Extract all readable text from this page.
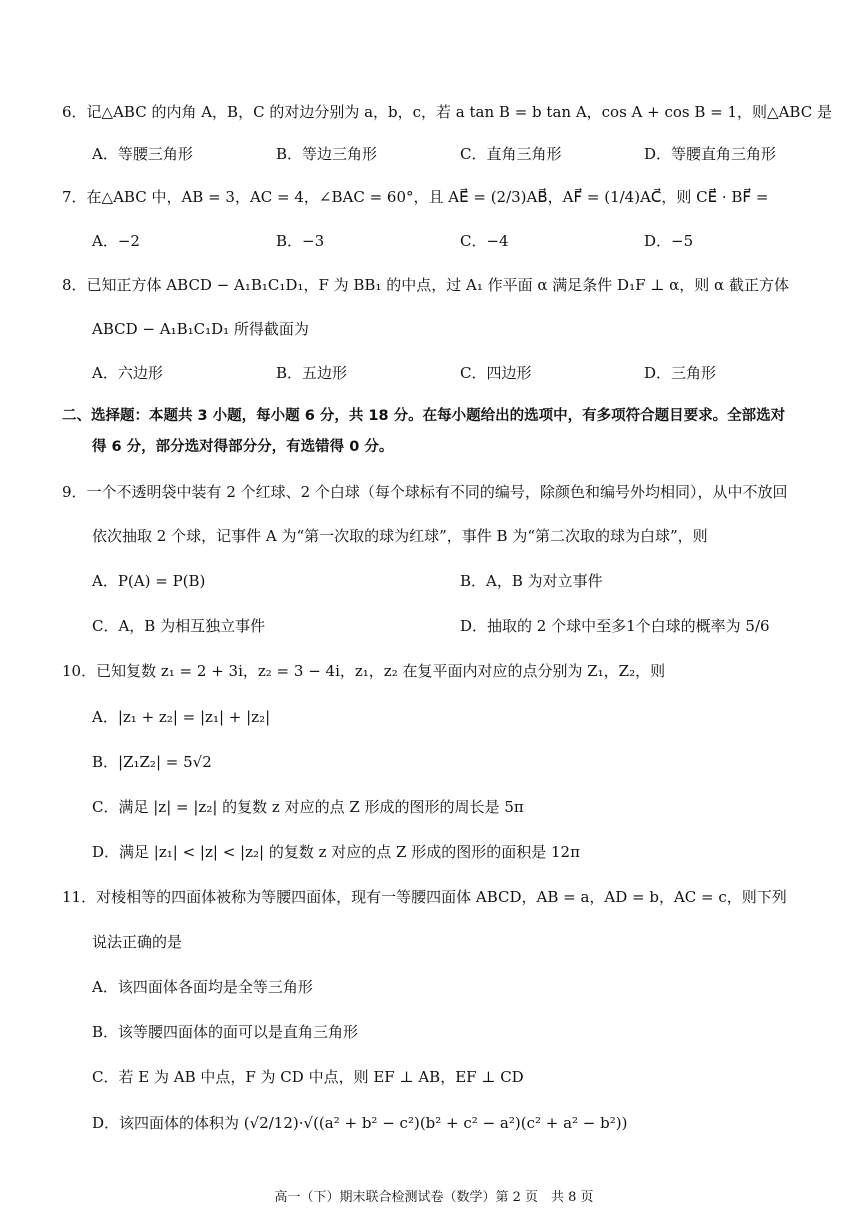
6．记△ABC 的内角 A，B，C 的对边分别为 a，b，c，若 a tan B = b tan A，cos A + cos B = 1，则△ABC 是
A．等腰三角形	B．等边三角形	C．直角三角形	D．等腰直角三角形
7．在△ABC 中，AB = 3，AC = 4，∠BAC = 60°，且 AE⃗ = (2/3)AB⃗，AF⃗ = (1/4)AC⃗，则 CE⃗ · BF⃗ =
A．−2	B．−3	C．−4	D．−5
8．已知正方体 ABCD − A₁B₁C₁D₁，F 为 BB₁ 的中点，过 A₁ 作平面 α 满足条件 D₁F ⊥ α，则 α 截正方体
ABCD − A₁B₁C₁D₁ 所得截面为
A．六边形	B．五边形	C．四边形	D．三角形
二、选择题：本题共 3 小题，每小题 6 分，共 18 分。在每小题给出的选项中，有多项符合题目要求。全部选对
得 6 分，部分选对得部分分，有选错得 0 分。
9．一个不透明袋中装有 2 个红球、2 个白球（每个球标有不同的编号，除颜色和编号外均相同），从中不放回
依次抽取 2 个球，记事件 A 为“第一次取的球为红球”，事件 B 为“第二次取的球为白球”，则
A．P(A) = P(B)	B．A，B 为对立事件
C．A，B 为相互独立事件	D．抽取的 2 个球中至多1个白球的概率为 5/6
10．已知复数 z₁ = 2 + 3i，z₂ = 3 − 4i，z₁，z₂ 在复平面内对应的点分别为 Z₁，Z₂，则
A．|z₁ + z₂| = |z₁| + |z₂|
B．|Z₁Z₂| = 5√2
C．满足 |z| = |z₂| 的复数 z 对应的点 Z 形成的图形的周长是 5π
D．满足 |z₁| < |z| < |z₂| 的复数 z 对应的点 Z 形成的图形的面积是 12π
11．对棱相等的四面体被称为等腰四面体，现有一等腰四面体 ABCD，AB = a，AD = b，AC = c，则下列
说法正确的是
A．该四面体各面均是全等三角形
B．该等腰四面体的面可以是直角三角形
C．若 E 为 AB 中点，F 为 CD 中点，则 EF ⊥ AB，EF ⊥ CD
D．该四面体的体积为 (√2/12)·√((a² + b² − c²)(b² + c² − a²)(c² + a² − b²))
高一（下）期末联合检测试卷（数学）第 2 页　共 8 页
